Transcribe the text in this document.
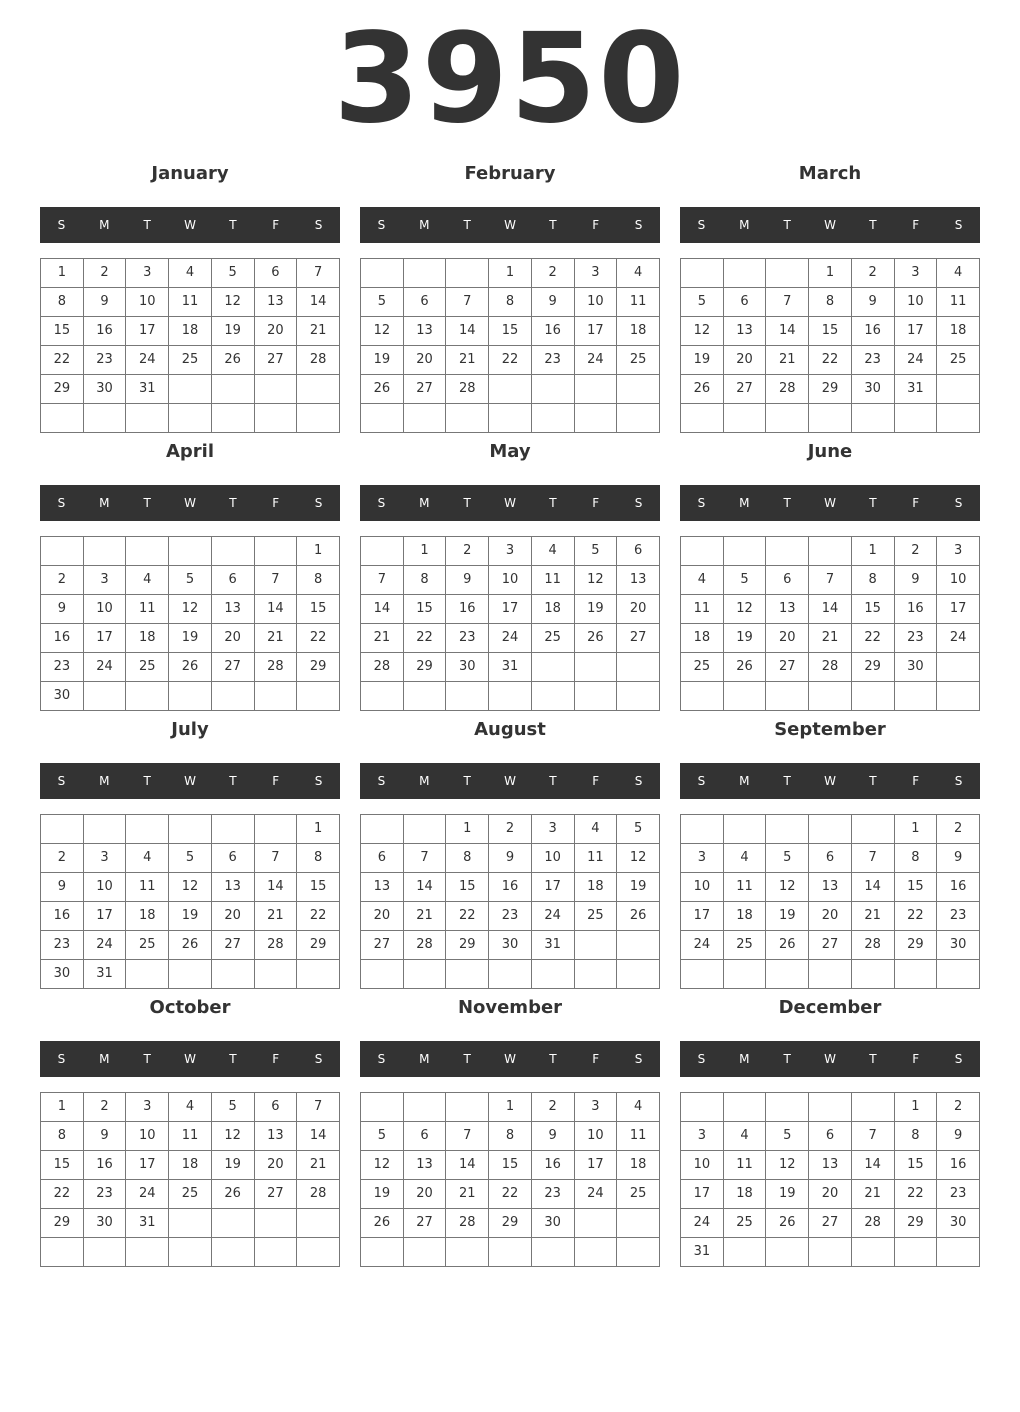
3950
January
S	M	T	W	T	F	S
1	2	3	4	5	6	7
8	9	10	11	12	13	14
15	16	17	18	19	20	21
22	23	24	25	26	27	28
29	30	31				

February
S	M	T	W	T	F	S
			1	2	3	4
5	6	7	8	9	10	11
12	13	14	15	16	17	18
19	20	21	22	23	24	25
26	27	28				

March
S	M	T	W	T	F	S
			1	2	3	4
5	6	7	8	9	10	11
12	13	14	15	16	17	18
19	20	21	22	23	24	25
26	27	28	29	30	31	

April
S	M	T	W	T	F	S
						1
2	3	4	5	6	7	8
9	10	11	12	13	14	15
16	17	18	19	20	21	22
23	24	25	26	27	28	29
30						
May
S	M	T	W	T	F	S
	1	2	3	4	5	6
7	8	9	10	11	12	13
14	15	16	17	18	19	20
21	22	23	24	25	26	27
28	29	30	31			

June
S	M	T	W	T	F	S
				1	2	3
4	5	6	7	8	9	10
11	12	13	14	15	16	17
18	19	20	21	22	23	24
25	26	27	28	29	30	

July
S	M	T	W	T	F	S
						1
2	3	4	5	6	7	8
9	10	11	12	13	14	15
16	17	18	19	20	21	22
23	24	25	26	27	28	29
30	31					
August
S	M	T	W	T	F	S
		1	2	3	4	5
6	7	8	9	10	11	12
13	14	15	16	17	18	19
20	21	22	23	24	25	26
27	28	29	30	31		

September
S	M	T	W	T	F	S
					1	2
3	4	5	6	7	8	9
10	11	12	13	14	15	16
17	18	19	20	21	22	23
24	25	26	27	28	29	30

October
S	M	T	W	T	F	S
1	2	3	4	5	6	7
8	9	10	11	12	13	14
15	16	17	18	19	20	21
22	23	24	25	26	27	28
29	30	31				

November
S	M	T	W	T	F	S
			1	2	3	4
5	6	7	8	9	10	11
12	13	14	15	16	17	18
19	20	21	22	23	24	25
26	27	28	29	30		

December
S	M	T	W	T	F	S
					1	2
3	4	5	6	7	8	9
10	11	12	13	14	15	16
17	18	19	20	21	22	23
24	25	26	27	28	29	30
31						
